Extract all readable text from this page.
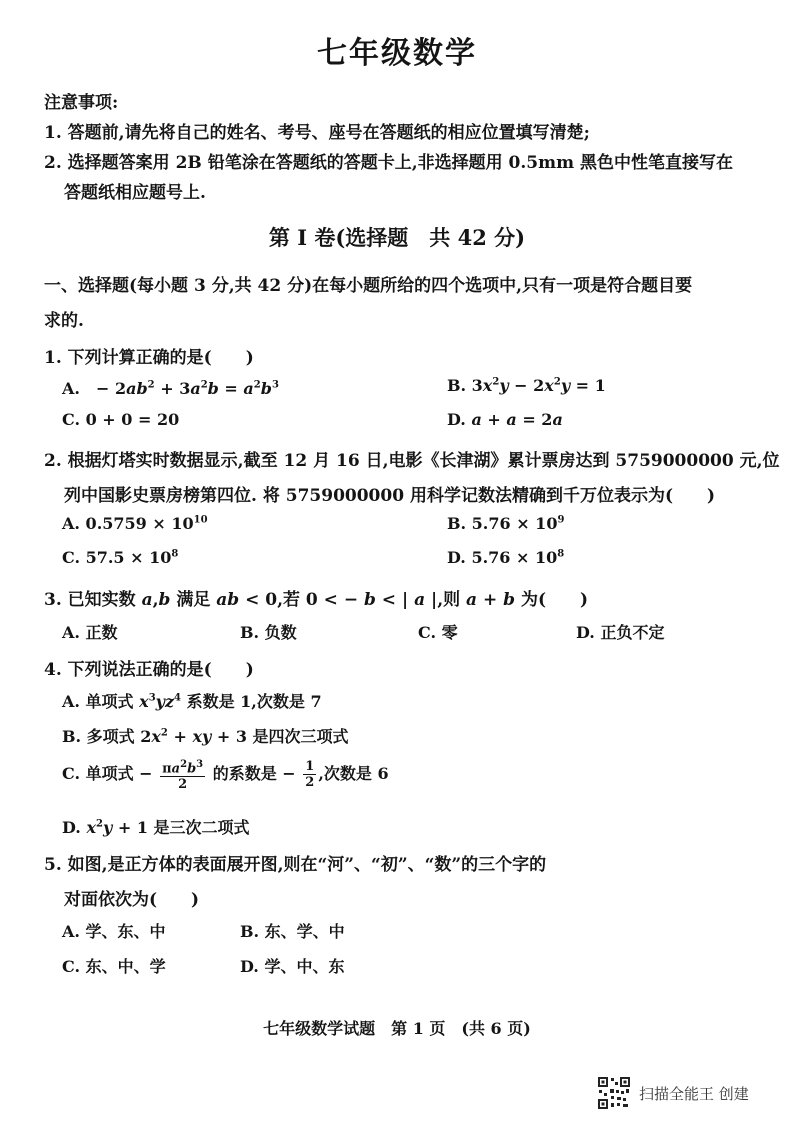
七年级数学
注意事项:
1. 答题前,请先将自己的姓名、考号、座号在答题纸的相应位置填写清楚;
2. 选择题答案用 2B 铅笔涂在答题纸的答题卡上,非选择题用 0.5mm 黑色中性笔直接写在
答题纸相应题号上.
第 I 卷(选择题　共 42 分)
一、选择题(每小题 3 分,共 42 分)在每小题所给的四个选项中,只有一项是符合题目要
求的.
1. 下列计算正确的是(　　)
A.　− $2ab^2 + 3a^2b = a^2b^3$	B. $3x^2y - 2x^2y = 1$
C. 0 + 0 = 20	D. a + a = 2a
2. 根据灯塔实时数据显示,截至 12 月 16 日,电影《长津湖》累计票房达到 5759000000 元,位
列中国影史票房榜第四位. 将 5759000000 用科学记数法精确到千万位表示为(　　)
A. $0.5759 \times 10^{10}$	B. $5.76 \times 10^9$
C. $57.5 \times 10^8$	D. $5.76 \times 10^8$
3. 已知实数 a,b 满足 ab < 0,若 0 < − b < | a |,则 a + b 为(　　)
A. 正数	B. 负数	C. 零	D. 正负不定
4. 下列说法正确的是(　　)
A. 单项式 $x^3yz^4$ 系数是 1,次数是 7
B. 多项式 $2x^2$ + xy + 3 是四次三项式
C. 单项式 − $\frac{\pi a^2b^3}{2}$ 的系数是 − $\frac{1}{2}$ ,次数是 6
D. $x^2y + 1$ 是三次二项式
5. 如图,是正方体的表面展开图,则在“河”、“初”、“数”的三个字的
对面依次为(　　)
A. 学、东、中	B. 东、学、中
C. 东、中、学	D. 学、中、东
七年级数学试题　第 1 页　(共 6 页)
扫描全能王 创建
